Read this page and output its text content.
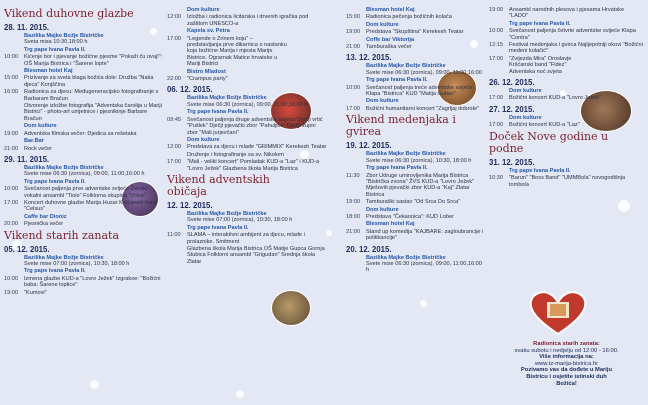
Vikend duhovne glazbe
28. 11. 2015.
Bazilika Majke Božje Bistričke
Sveta misa 10:30,18:00 h
Trg pape Ivana Pavla II.
10:00	Kićenje bor i pjevanje božićne pjesme "Pokaži ču ovaj!": OŠ Marija Bistrica i "Šarene lopte"
Blesman hotel Kaj
15:00	Prizivanje za sveta blaga božića dole: Družba "Naša djeca" Konjščina
16:00	Radionica za djecu: Međugeneracijsko fotografiranje s Barbaram Bračun
Otvorenje izložbe fotografija "Adventska čarolija u Mariji Bistrici" - photo-art umjetnice i pjesnikinje Barbare Bračun
Dom kulture
19:00	Adventska filmska večer: Djedica za rešetaka
Bar.Bar
21:00	Rock večer
29. 11. 2015.
Bazilika Majke Božje Bistričke
Svete mise 06:30 (zornica), 09:00, 11:00,16:00 h
Trg pape Ivana Pavla II.
10:00	Svečanost paljenja prve adventske svijeće Ženski vokalni ansambl "Tiole" Folklorna skupina "Vlline"
17:00	Koncert duhovne glazbe Marija Husar Kršćanski band "Celsus"
Caffe bar Dioniz
20:00	Pjesnička večer
Vikend starih zanata
05. 12. 2015.
Bazilika Majke Božje Bistričke
Svete mise 07:00 (zornica), 10:30, 18:00 h
Trg pape Ivana Pavla II.
10:00	Izmena glazbe KUD-a "Lovro Ježek" Izgrakoe: "Božićni baba: Šarene loptice"
19:00	"Kumovi"
Dom kulture
12:00	Izložba i radionica licitarska i drvenih igračka pod zaštitom UNESCO-a
Kapela sv. Petra
17:00	"Legende o Zrinem koju" – predstavljanja prve dikarnica o nastanku koja božićne Marija i mjesta Marije Bistrice. Ograrnak Matice hrvatske u Mariji Bistrici
Bistro Mladost
22:00	"Crampus party"
06. 12. 2015.
Bazilika Majke Božje Bistričke
Svete mise 06:30 (zornica), 09:00, 11:00,16:00 h
Trg pape Ivana Pavla II.
09:45	Svečanost paljenja druge adventske svijeće Dječji vrtić "Pušlek" Dječji pjevački zbor "Pahuljice" Dječji župni zbor "Mali jurjevčani"
Dom kulture
12:00	Predstava za djecu i mlade "GRIMMIX" Kerekesh Teatar
Druženje i fotografiranje sa sv. Nikolom
17:00	"Mali - veliki koncert" Pomladak KUD-a "Laz" i KUD-a "Lovro Ježek" Glazbena škola Marija Bistrica
Vikend adventskih običaja
12. 12. 2015.
Bazilika Majke Božje Bistričke
Svete mise 07:00 (zornica), 10:30, 18:00 h
Trg pape Ivana Pavla II.
11:00	SLAMA – interaktivni ambijent za djecu, mlade i prolaznike. Smitment
Glazbena škola Marija Bistrica OŠ Matije Gupca Gornja Stubica Folklorni ansambl "Grigudan" Srednja škola Zlatar
Blesman hotel Kaj
15:00	Radionica pečenja božićnih kolača
Dom kulture
19:00	Predstava "Skupština" Kerekesh Teatar
Coffe bar Viktorija
21:00	Tamburaška večer
13. 12. 2015.
Bazilika Majke Božje Bistričke
Svete mise 06:30 (zornica), 09:00, 11:00,16:00
Trg pape Ivana Pavla II.
10:00	Svečanost paljenja treće adventske svijeće Klapa "Bistrica" KUD "Matija Gubec"
Dom kulture
17:00	Božićni humanitarni koncert "Zagrljaj dobrote"
Vikend medenjaka i gvirea
19. 12. 2015.
Bazilika Majke Božje Bistričke
Svete mise 06:30 (zornica), 10:30, 18:00 h
Trg pape Ivana Pavla II.
11:30	Zbor Udruge umirovljenika Marija Bistrica "Bistrička zvona" ŽVS KUD-a "Lovro Ježek" Mješoviti pjevački zbor KUD-a "Kaj" Zlatar Bistrica
19:00	Tamburaški sastav "Od Srca Do Srca"
Dom kulture
18:00	Predstava "Čekaonica": KUD Lober
Blesman hotel Kaj
21:00	Stand up komedija "KAJBARE: zagloubrancije i politikancije"
20. 12. 2015.
Bazilika Majke Božje Bistričke
Svete mise 06:30 (zornica), 09:00, 11:00,16:00 h
19:00	Ansambl narodnih plesova i pjesama Hrvatske "LADO"
Trg pape Ivana Pavla II.
10:00	Svečanost paljenja četvrte adventske svijeće Klapa "Contra"
12:15	Festival medenjaka i gvirca Najljepotniji okovi "Božićni medeni kolačić"
17:00	"Zvijezda Mira" Oroslavje Kršćanski band "Fidez" Adventska noć svjeta
26. 12. 2015.
Dom kulture
17:00	Božični koncert KUD-a "Lovro Ježek"
27. 12. 2015.
Dom kulture
17:00	Božićni koncert KUD-a "Laz"
Doček Nove godine u podne
31. 12. 2015.
Trg pape Ivana Pavla II.
10:30	"Barun" "Boss Band" "UMMBola" novogodišnja tombola
Radionica starih zanata:
svaku subotu i nedjelju od 12:00 - 16:00.
Više informacija na:
www.tz-marija-bistrica.hr
Pozivamo vas da dođete u Mariju
Bistricu i osjetite istinski duh
Božića!
